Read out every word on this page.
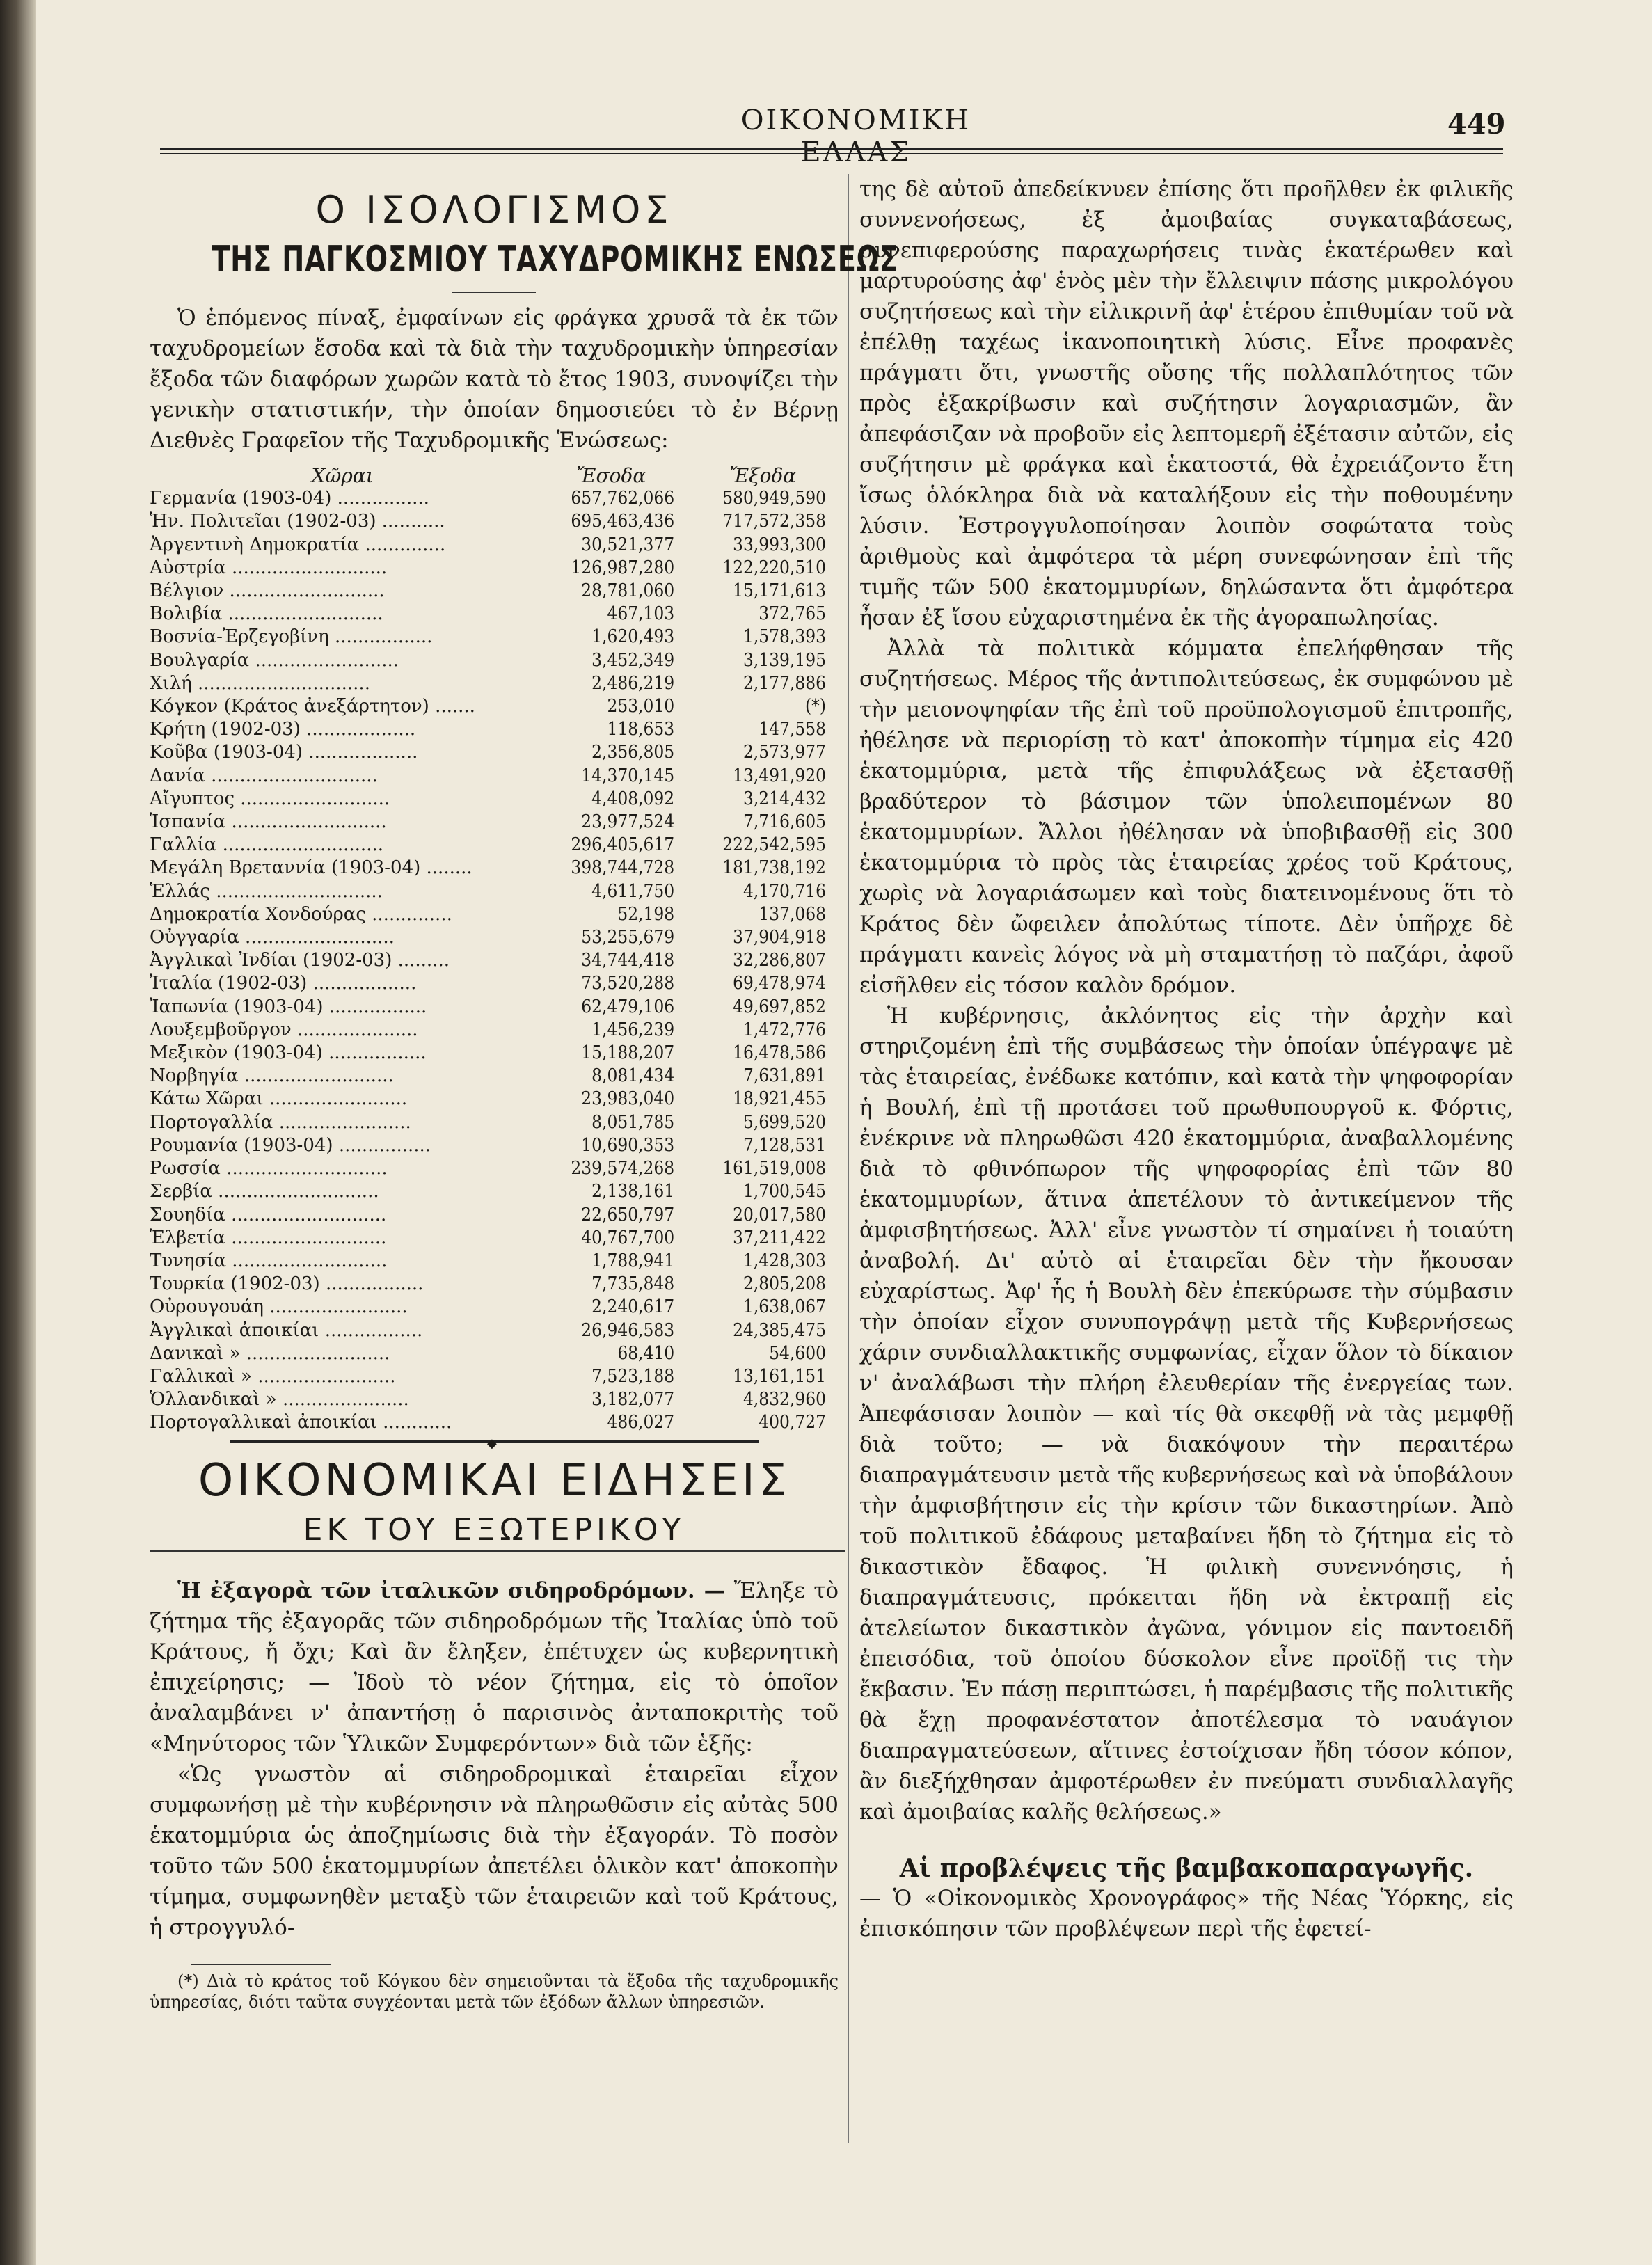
ΟΙΚΟΝΟΜΙΚΗ ΕΛΛΑΣ
449
Ο ΙΣΟΛΟΓΙΣΜΟΣ
ΤΗΣ ΠΑΓΚΟΣΜΙΟΥ ΤΑΧΥΔΡΟΜΙΚΗΣ ΕΝΩΣΕΩΣ

Ὁ ἑπόμενος πίναξ, ἐμφαίνων εἰς φράγκα χρυσᾶ τὰ ἐκ τῶν ταχυδρομείων ἔσοδα καὶ τὰ διὰ τὴν ταχυδρομικὴν ὑπηρεσίαν ἔξοδα τῶν διαφόρων χωρῶν κατὰ τὸ ἔτος 1903, συνοψίζει τὴν γενικὴν στατιστικήν, τὴν ὁποίαν δημοσιεύει τὸ ἐν Βέρνῃ Διεθνὲς Γραφεῖον τῆς Ταχυδρομικῆς Ἑνώσεως:

Χῶραι	Ἔσοδα	Ἔξοδα
Γερμανία (1903-04) ................	657,762,066	580,949,590
Ἡν. Πολιτεῖαι (1902-03) ...........	695,463,436	717,572,358
Ἀργεντινὴ Δημοκρατία ..............	30,521,377	33,993,300
Αὐστρία ...........................	126,987,280	122,220,510
Βέλγιον ...........................	28,781,060	15,171,613
Βολιβία ...........................	467,103	372,765
Βοσνία-Ἐρζεγοβίνη .................	1,620,493	1,578,393
Βουλγαρία .........................	3,452,349	3,139,195
Χιλή ..............................	2,486,219	2,177,886
Κόγκον (Κράτος ἀνεξάρτητον) .......	253,010	(*)
Κρήτη (1902-03) ...................	118,653	147,558
Κοῦβα (1903-04) ...................	2,356,805	2,573,977
Δανία .............................	14,370,145	13,491,920
Αἴγυπτος ..........................	4,408,092	3,214,432
Ἱσπανία ...........................	23,977,524	7,716,605
Γαλλία ............................	296,405,617	222,542,595
Μεγάλη Βρεταννία (1903-04) ........	398,744,728	181,738,192
Ἑλλάς .............................	4,611,750	4,170,716
Δημοκρατία Χονδούρας ..............	52,198	137,068
Οὐγγαρία ..........................	53,255,679	37,904,918
Ἀγγλικαὶ Ἰνδίαι (1902-03) .........	34,744,418	32,286,807
Ἰταλία (1902-03) ..................	73,520,288	69,478,974
Ἰαπωνία (1903-04) .................	62,479,106	49,697,852
Λουξεμβοῦργον .....................	1,456,239	1,472,776
Μεξικὸν (1903-04) .................	15,188,207	16,478,586
Νορβηγία ..........................	8,081,434	7,631,891
Κάτω Χῶραι ........................	23,983,040	18,921,455
Πορτογαλλία .......................	8,051,785	5,699,520
Ρουμανία (1903-04) ................	10,690,353	7,128,531
Ρωσσία ............................	239,574,268	161,519,008
Σερβία ............................	2,138,161	1,700,545
Σουηδία ...........................	22,650,797	20,017,580
Ἑλβετία ...........................	40,767,700	37,211,422
Τυνησία ...........................	1,788,941	1,428,303
Τουρκία (1902-03) .................	7,735,848	2,805,208
Οὐρουγουάη ........................	2,240,617	1,638,067
Ἀγγλικαὶ ἀποικίαι .................	26,946,583	24,385,475
Δανικαὶ » .........................	68,410	54,600
Γαλλικαὶ » ........................	7,523,188	13,161,151
Ὁλλανδικαὶ » ......................	3,182,077	4,832,960
Πορτογαλλικαὶ ἀποικίαι ............	486,027	400,727
◆
ΟΙΚΟΝΟΜΙΚΑΙ ΕΙΔΗΣΕΙΣ
ΕΚ ΤΟΥ ΕΞΩΤΕΡΙΚΟΥ

Ἡ ἐξαγορὰ τῶν ἰταλικῶν σιδηροδρόμων. — Ἔληξε τὸ ζήτημα τῆς ἐξαγορᾶς τῶν σιδηροδρόμων τῆς Ἰταλίας ὑπὸ τοῦ Κράτους, ἤ ὄχι; Καὶ ἂν ἔληξεν, ἐπέτυχεν ὡς κυβερνητικὴ ἐπιχείρησις; — Ἰδοὺ τὸ νέον ζήτημα, εἰς τὸ ὁποῖον ἀναλαμβάνει ν' ἀπαντήσῃ ὁ παρισινὸς ἀνταποκριτὴς τοῦ «Μηνύτορος τῶν Ὑλικῶν Συμφερόντων» διὰ τῶν ἑξῆς:

«Ὡς γνωστὸν αἱ σιδηροδρομικαὶ ἑταιρεῖαι εἶχον συμφωνήσῃ μὲ τὴν κυβέρνησιν νὰ πληρωθῶσιν εἰς αὐτὰς 500 ἑκατομμύρια ὡς ἀποζημίωσις διὰ τὴν ἐξαγοράν. Τὸ ποσὸν τοῦτο τῶν 500 ἑκατομμυρίων ἀπετέλει ὁλικὸν κατ' ἀποκοπὴν τίμημα, συμφωνηθὲν μεταξὺ τῶν ἑταιρειῶν καὶ τοῦ Κράτους, ἡ στρογγυλό-

(*) Διὰ τὸ κράτος τοῦ Κόγκου δὲν σημειοῦνται τὰ ἔξοδα τῆς ταχυδρομικῆς ὑπηρεσίας, διότι ταῦτα συγχέονται μετὰ τῶν ἐξόδων ἄλλων ὑπηρεσιῶν.

της δὲ αὐτοῦ ἀπεδείκνυεν ἐπίσης ὅτι προῆλθεν ἐκ φιλικῆς συννενοήσεως, ἐξ ἀμοιβαίας συγκαταβάσεως, συνεπιφερούσης παραχωρήσεις τινὰς ἑκατέρωθεν καὶ μαρτυρούσης ἀφ' ἑνὸς μὲν τὴν ἔλλειψιν πάσης μικρολόγου συζητήσεως καὶ τὴν εἰλικρινῆ ἀφ' ἑτέρου ἐπιθυμίαν τοῦ νὰ ἐπέλθῃ ταχέως ἱκανοποιητικὴ λύσις. Εἶνε προφανὲς πράγματι ὅτι, γνωστῆς οὔσης τῆς πολλαπλότητος τῶν πρὸς ἐξακρίβωσιν καὶ συζήτησιν λογαριασμῶν, ἂν ἀπεφάσιζαν νὰ προβοῦν εἰς λεπτομερῆ ἐξέτασιν αὐτῶν, εἰς συζήτησιν μὲ φράγκα καὶ ἑκατοστά, θὰ ἐχρειάζοντο ἔτη ἴσως ὁλόκληρα διὰ νὰ καταλήξουν εἰς τὴν ποθουμένην λύσιν. Ἐστρογγυλοποίησαν λοιπὸν σοφώτατα τοὺς ἀριθμοὺς καὶ ἀμφότερα τὰ μέρη συνεφώνησαν ἐπὶ τῆς τιμῆς τῶν 500 ἑκατομμυρίων, δηλώσαντα ὅτι ἀμφότερα ἦσαν ἐξ ἴσου εὐχαριστημένα ἐκ τῆς ἀγοραπωλησίας.

Ἀλλὰ τὰ πολιτικὰ κόμματα ἐπελήφθησαν τῆς συζητήσεως. Μέρος τῆς ἀντιπολιτεύσεως, ἐκ συμφώνου μὲ τὴν μειονοψηφίαν τῆς ἐπὶ τοῦ προϋπολογισμοῦ ἐπιτροπῆς, ἠθέλησε νὰ περιορίσῃ τὸ κατ' ἀποκοπὴν τίμημα εἰς 420 ἑκατομμύρια, μετὰ τῆς ἐπιφυλάξεως νὰ ἐξετασθῇ βραδύτερον τὸ βάσιμον τῶν ὑπολειπομένων 80 ἑκατομμυρίων. Ἄλλοι ἠθέλησαν νὰ ὑποβιβασθῇ εἰς 300 ἑκατομμύρια τὸ πρὸς τὰς ἑταιρείας χρέος τοῦ Κράτους, χωρὶς νὰ λογαριάσωμεν καὶ τοὺς διατεινομένους ὅτι τὸ Κράτος δὲν ὤφειλεν ἀπολύτως τίποτε. Δὲν ὑπῆρχε δὲ πράγματι κανεὶς λόγος νὰ μὴ σταματήσῃ τὸ παζάρι, ἀφοῦ εἰσῆλθεν εἰς τόσον καλὸν δρόμον.

Ἡ κυβέρνησις, ἀκλόνητος εἰς τὴν ἀρχὴν καὶ στηριζομένη ἐπὶ τῆς συμβάσεως τὴν ὁποίαν ὑπέγραψε μὲ τὰς ἑταιρείας, ἐνέδωκε κατόπιν, καὶ κατὰ τὴν ψηφοφορίαν ἡ Βουλή, ἐπὶ τῇ προτάσει τοῦ πρωθυπουργοῦ κ. Φόρτις, ἐνέκρινε νὰ πληρωθῶσι 420 ἑκατομμύρια, ἀναβαλλομένης διὰ τὸ φθινόπωρον τῆς ψηφοφορίας ἐπὶ τῶν 80 ἑκατομμυρίων, ἅτινα ἀπετέλουν τὸ ἀντικείμενον τῆς ἀμφισβητήσεως. Ἀλλ' εἶνε γνωστὸν τί σημαίνει ἡ τοιαύτη ἀναβολή. Δι' αὐτὸ αἱ ἑταιρεῖαι δὲν τὴν ἤκουσαν εὐχαρίστως. Ἀφ' ἧς ἡ Βουλὴ δὲν ἐπεκύρωσε τὴν σύμβασιν τὴν ὁποίαν εἶχον συνυπογράψῃ μετὰ τῆς Κυβερνήσεως χάριν συνδιαλλακτικῆς συμφωνίας, εἶχαν ὅλον τὸ δίκαιον ν' ἀναλάβωσι τὴν πλήρη ἐλευθερίαν τῆς ἐνεργείας των. Ἀπεφάσισαν λοιπὸν — καὶ τίς θὰ σκεφθῇ νὰ τὰς μεμφθῇ διὰ τοῦτο; — νὰ διακόψουν τὴν περαιτέρω διαπραγμάτευσιν μετὰ τῆς κυβερνήσεως καὶ νὰ ὑποβάλουν τὴν ἀμφισβήτησιν εἰς τὴν κρίσιν τῶν δικαστηρίων. Ἀπὸ τοῦ πολιτικοῦ ἐδάφους μεταβαίνει ἤδη τὸ ζήτημα εἰς τὸ δικαστικὸν ἔδαφος. Ἡ φιλικὴ συνεννόησις, ἡ διαπραγμάτευσις, πρόκειται ἤδη νὰ ἐκτραπῇ εἰς ἀτελείωτον δικαστικὸν ἀγῶνα, γόνιμον εἰς παντοειδῆ ἐπεισόδια, τοῦ ὁποίου δύσκολον εἶνε προϊδῇ τις τὴν ἔκβασιν. Ἐν πάσῃ περιπτώσει, ἡ παρέμβασις τῆς πολιτικῆς θὰ ἔχῃ προφανέστατον ἀποτέλεσμα τὸ ναυάγιον διαπραγματεύσεων, αἵτινες ἐστοίχισαν ἤδη τόσον κόπον, ἂν διεξήχθησαν ἀμφοτέρωθεν ἐν πνεύματι συνδιαλλαγῆς καὶ ἀμοιβαίας καλῆς θελήσεως.»

Αἱ προβλέψεις τῆς βαμβακοπαραγωγῆς.

— Ὁ «Οἰκονομικὸς Χρονογράφος» τῆς Νέας Ὑόρκης, εἰς ἐπισκόπησιν τῶν προβλέψεων περὶ τῆς ἐφετεί-
